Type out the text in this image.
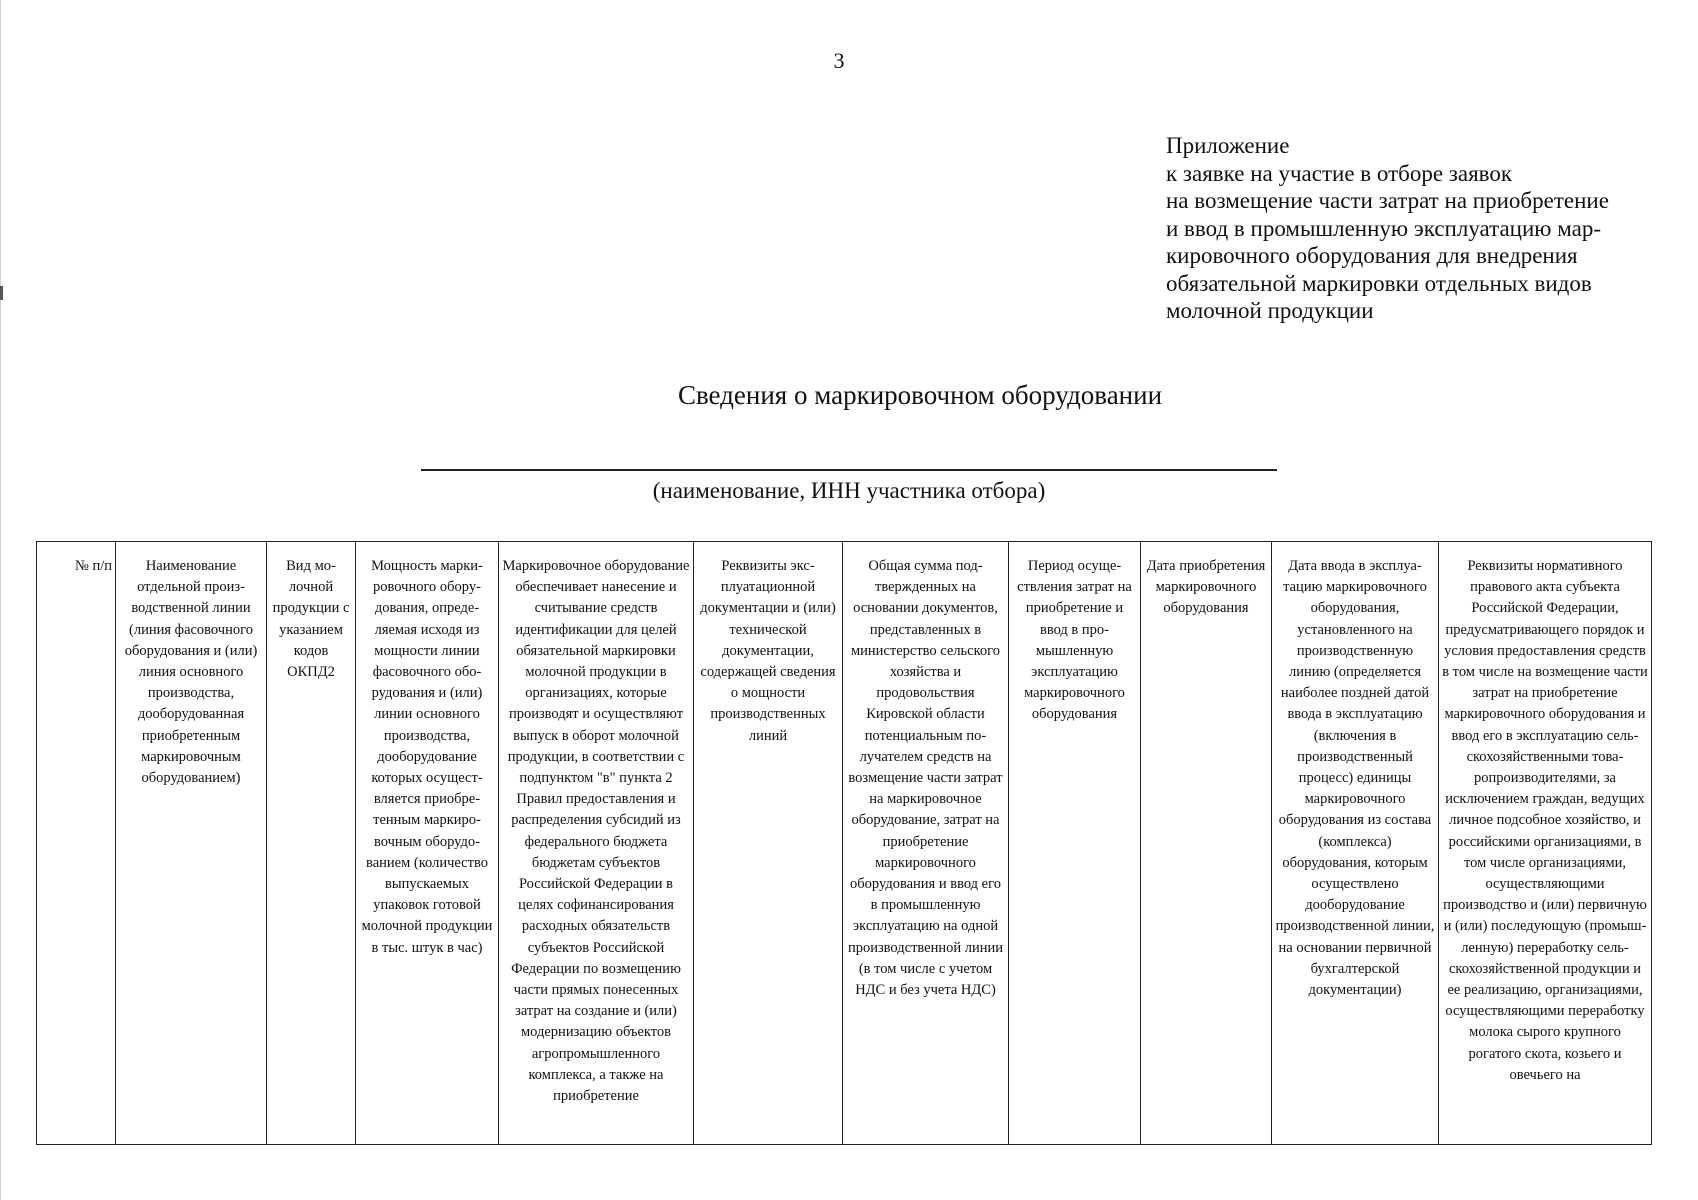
3
Приложение
к заявке на участие в отборе заявок
на возмещение части затрат на приобретение
и ввод в промышленную эксплуатацию мар-
кировочного оборудования для внедрения
обязательной маркировки отдельных видов
молочной продукции
Сведения о маркировочном оборудовании
(наименование, ИНН участника отбора)
№ п/п	Наименование отдельной производственной линии (линия фасовочного оборудования и (или) линия основного производства, дооборудованная приобретенным маркировочным оборудованием)	Вид молочной продукции с указанием кодов ОКПД2	Мощность маркировочного оборудования, определяемая исходя из мощности линии фасовочного оборудования и (или) линии основного производства, дооборудование которых осуществляется приобретенным маркировочным оборудованием (количество выпускаемых упаковок готовой молочной продукции в тыс. штук в час)	Маркировочное оборудование обеспечивает нанесение и считывание средств идентификации для целей обязательной маркировки молочной продукции в организациях, которые производят и осуществляют выпуск в оборот молочной продукции, в соответствии с подпунктом "в" пункта 2 Правил предоставления и распределения субсидий из федерального бюджета бюджетам субъектов Российской Федерации в целях софинансирования расходных обязательств субъектов Российской Федерации по возмещению части прямых понесенных затрат на создание и (или) модернизацию объектов агропромышленного комплекса, а также на приобретение	Реквизиты эксплуатационной документации и (или) технической документации, содержащей сведения о мощности производственных линий	Общая сумма подтвержденных на основании документов, представленных в министерство сельского хозяйства и продовольствия Кировской области потенциальным получателем средств на возмещение части затрат на маркировочное оборудование, затрат на приобретение маркировочного оборудования и ввод его в промышленную эксплуатацию на одной производственной линии (в том числе с учетом НДС и без учета НДС)	Период осуществления затрат на приобретение и ввод в промышленную эксплуатацию маркировочного оборудования	Дата приобретения маркировочного оборудования	Дата ввода в эксплуатацию маркировочного оборудования, установленного на производственную линию (определяется наиболее поздней датой ввода в эксплуатацию (включения в производственный процесс) единицы маркировочного оборудования из состава (комплекса) оборудования, которым осуществлено дооборудование производственной линии, на основании первичной бухгалтерской документации)	Реквизиты нормативного правового акта субъекта Российской Федерации, предусматривающего порядок и условия предоставления средств в том числе на возмещение части затрат на приобретение маркировочного оборудования и ввод его в эксплуатацию сельскохозяйственными товаропроизводителями, за исключением граждан, ведущих личное подсобное хозяйство, и российскими организациями, в том числе организациями, осуществляющими производство и (или) первичную и (или) последующую (промышленную) переработку сельскохозяйственной продукции и ее реализацию, организациями, осуществляющими переработку молока сырого крупного рогатого скота, козьего и овечьего на
